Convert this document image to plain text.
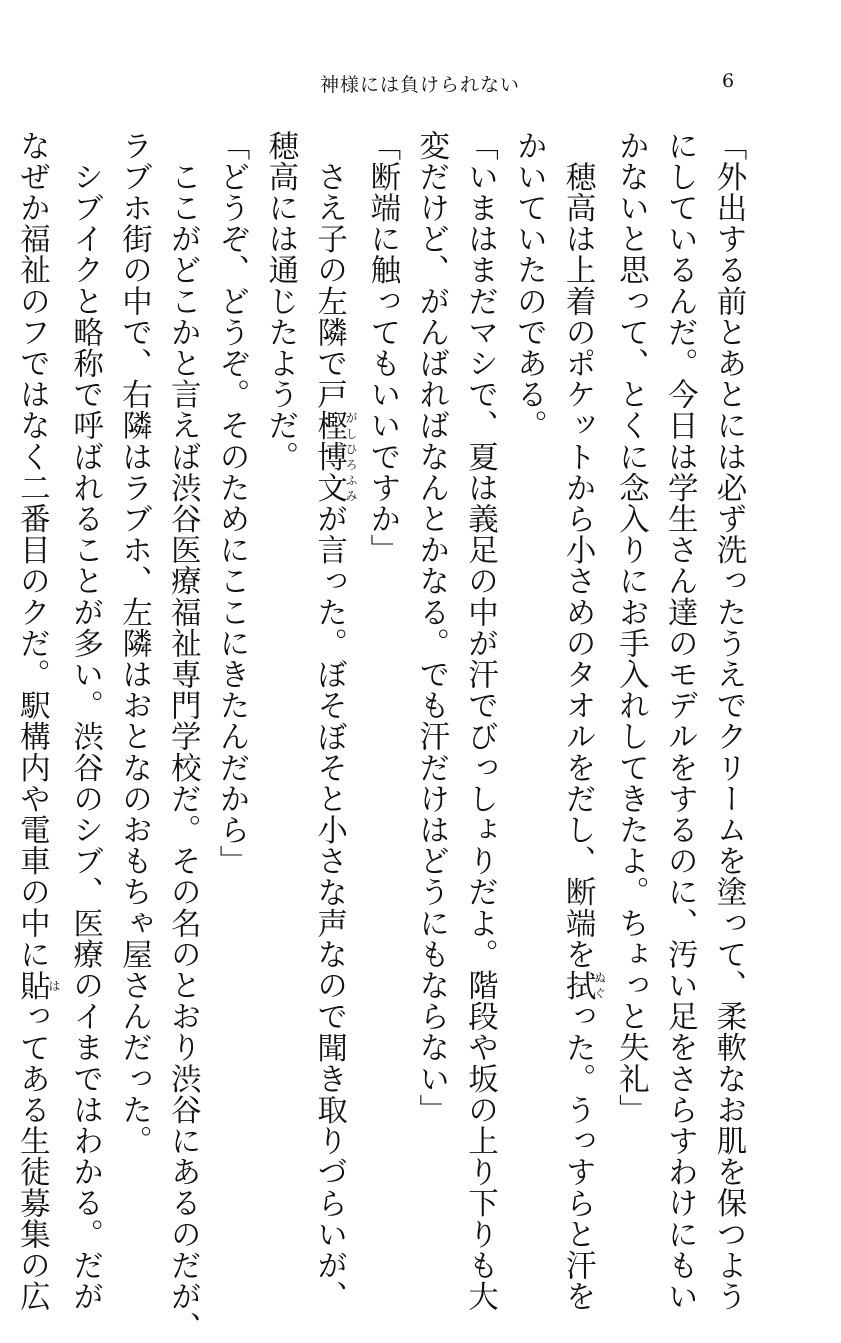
神様には負けられない	6

「外出する前とあとには必ず洗ったうえでクリームを塗って、柔軟なお肌を保つよう

にしているんだ。今日は学生さん達のモデルをするのに、汚い足をさらすわけにもい

かないと思って、とくに念入りにお手入れしてきたよ。ちょっと失礼」

　穂高は上着のポケットから小さめのタオルをだし、断端を拭ぬぐった。うっすらと汗を

かいていたのである。

「いまはまだマシで、夏は義足の中が汗でびっしょりだよ。階段や坂の上り下りも大

変だけど、がんばればなんとかなる。でも汗だけはどうにもならない」

「断端に触ってもいいですか」

　さえ子の左隣で戸樫博文がしひろふみが言った。ぼそぼそと小さな声なので聞き取りづらいが、

穂高には通じたようだ。

「どうぞ、どうぞ。そのためにここにきたんだから」

　ここがどこかと言えば渋谷医療福祉専門学校だ。その名のとおり渋谷にあるのだが、

ラブホ街の中で、右隣はラブホ、左隣はおとなのおもちゃ屋さんだった。

　シブイクと略称で呼ばれることが多い。渋谷のシブ、医療のイまではわかる。だが

なぜか福祉のフではなく二番目のクだ。駅構内や電車の中に貼はってある生徒募集の広
